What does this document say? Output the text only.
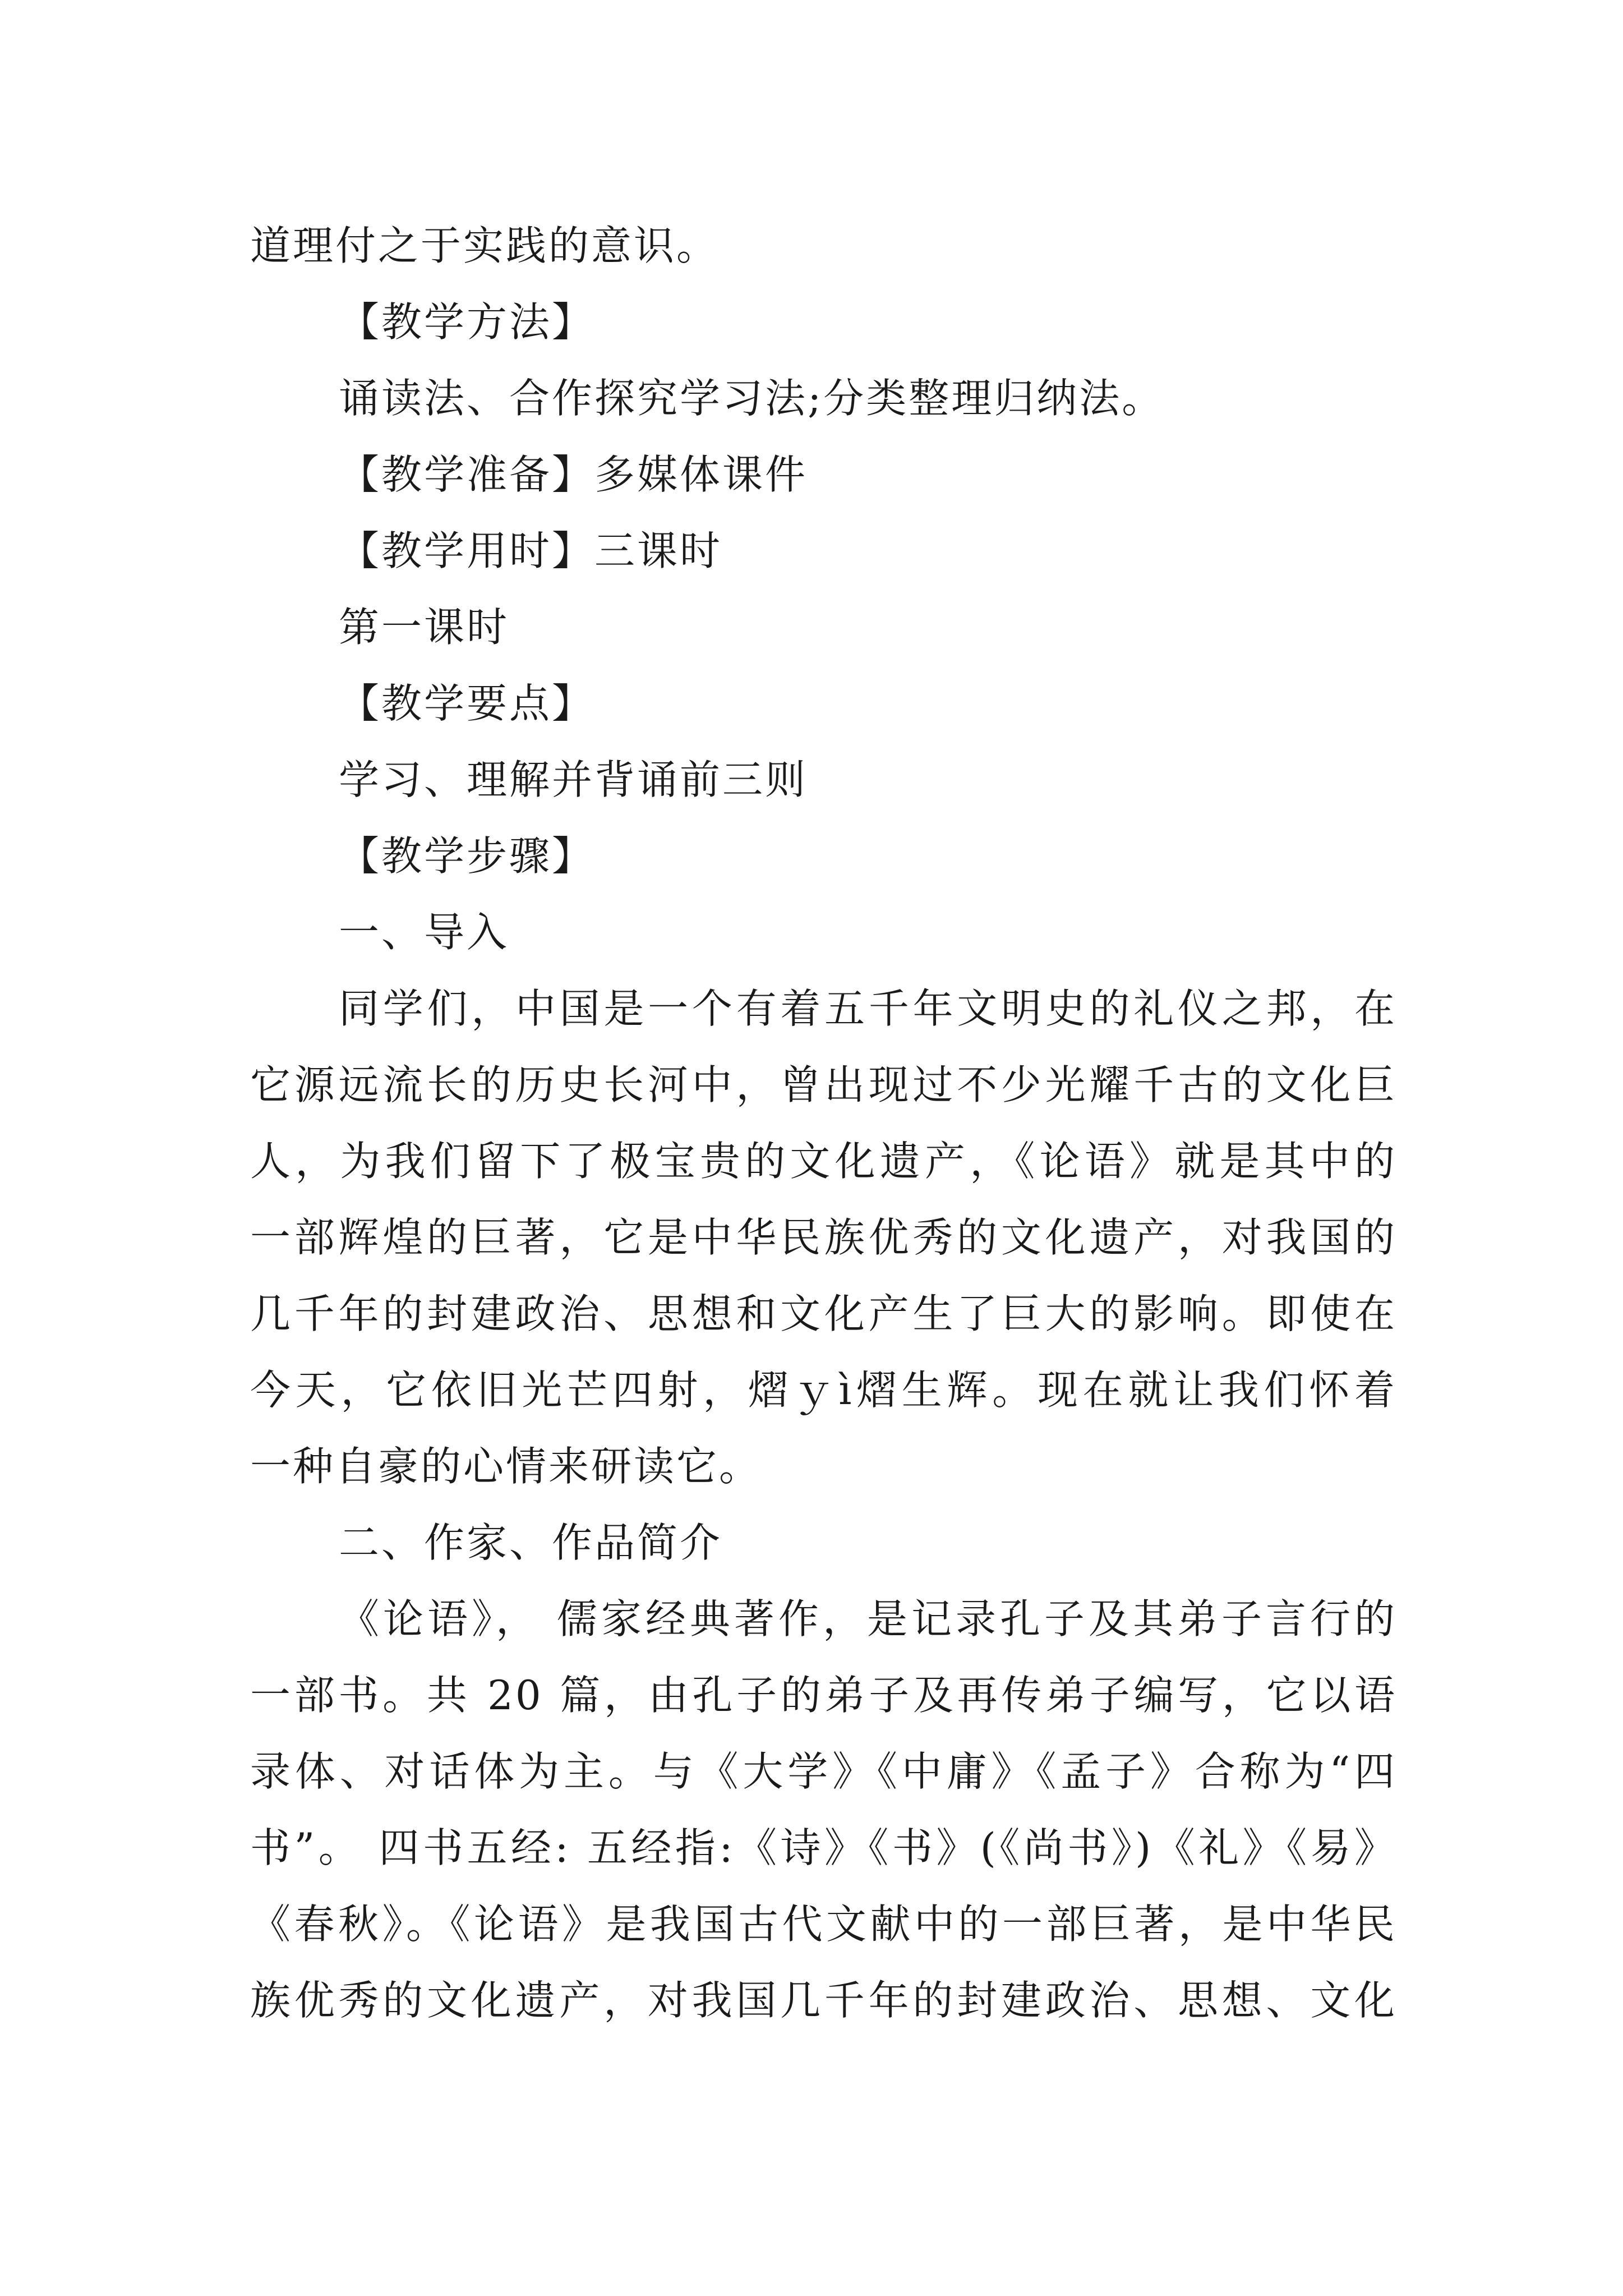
道理付之于实践的意识。
【教学方法】
诵读法、合作探究学习法;分类整理归纳法。
【教学准备】多媒体课件
【教学用时】三课时
第一课时
【教学要点】
学习、理解并背诵前三则
【教学步骤】
一、导入
同学们，中国是一个有着五千年文明史的礼仪之邦，在
它源远流长的历史长河中，曾出现过不少光耀千古的文化巨
人，为我们留下了极宝贵的文化遗产，《论语》就是其中的
一部辉煌的巨著，它是中华民族优秀的文化遗产，对我国的
几千年的封建政治、思想和文化产生了巨大的影响。即使在
今天，它依旧光芒四射，熠ｙì熠生辉。现在就让我们怀着
一种自豪的心情来研读它。
二、作家、作品简介
《论语》， 儒家经典著作，是记录孔子及其弟子言行的
一部书。共 20 篇，由孔子的弟子及再传弟子编写，它以语
录体、对话体为主。与《大学》《中庸》《孟子》合称为“四
书”。 四书五经: 五经指:《诗》《书》(《尚书》)《礼》《易》
《春秋》。《论语》是我国古代文献中的一部巨著，是中华民
族优秀的文化遗产，对我国几千年的封建政治、思想、文化
